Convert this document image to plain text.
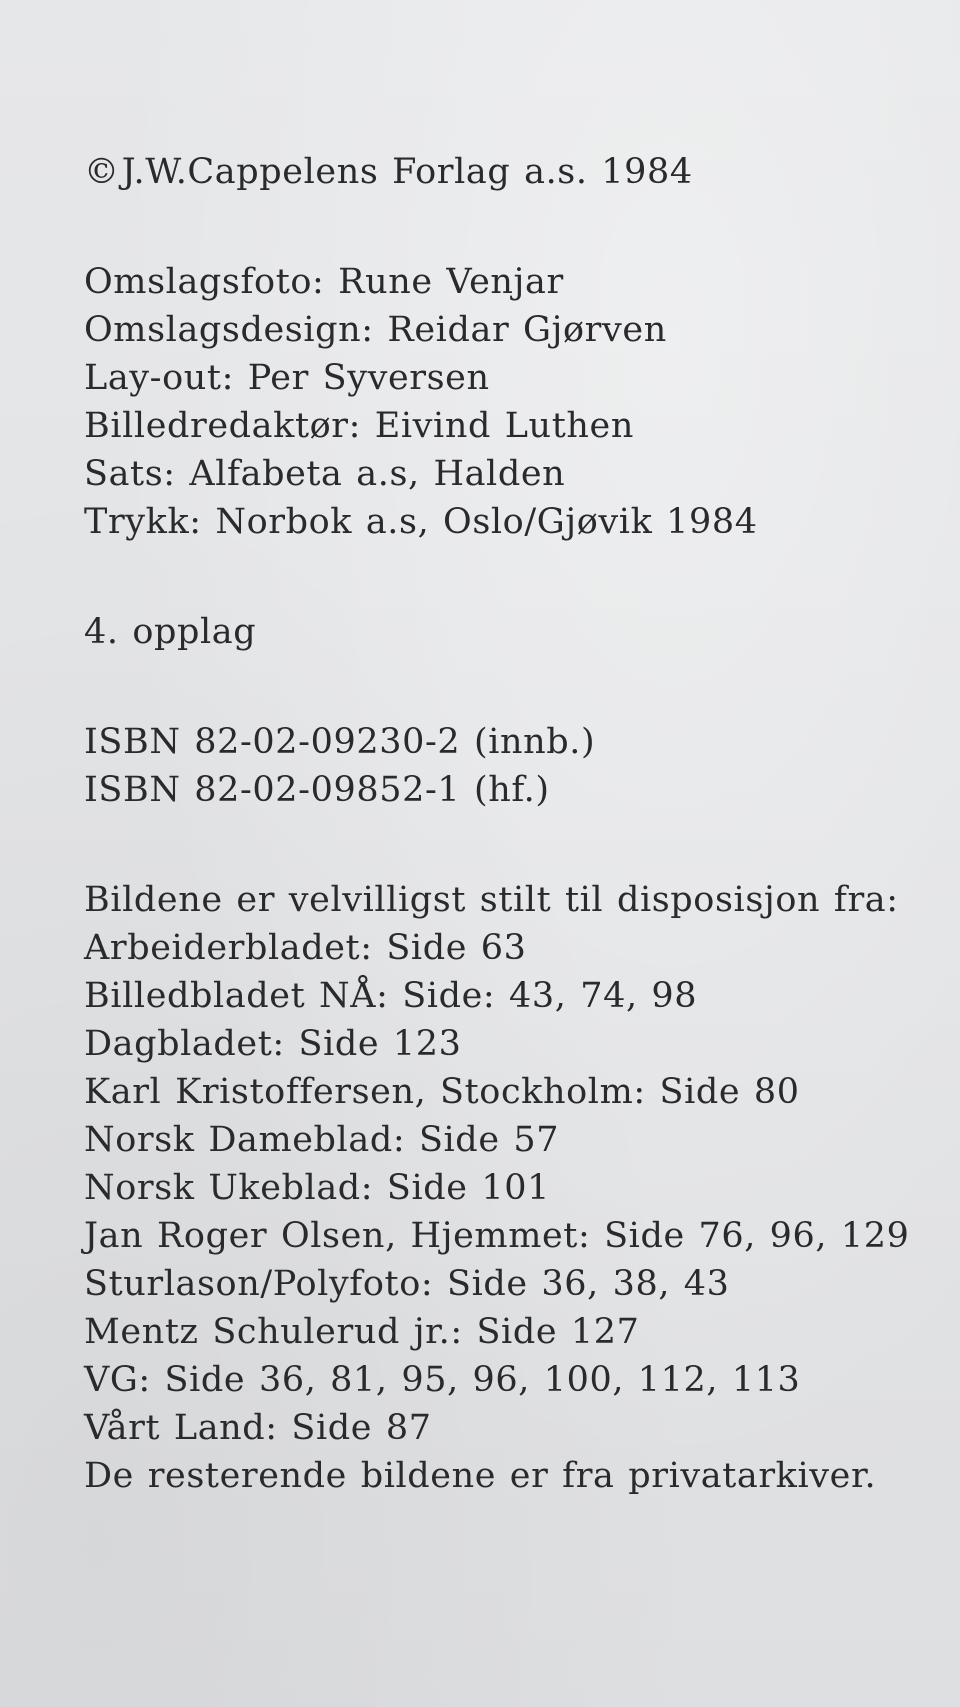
©J.W.Cappelens Forlag a.s. 1984
Omslagsfoto: Rune Venjar
Omslagsdesign: Reidar Gjørven
Lay-out: Per Syversen
Billedredaktør: Eivind Luthen
Sats: Alfabeta a.s, Halden
Trykk: Norbok a.s, Oslo/Gjøvik 1984
4. opplag
ISBN 82-02-09230-2 (innb.)
ISBN 82-02-09852-1 (hf.)
Bildene er velvilligst stilt til disposisjon fra:
Arbeiderbladet: Side 63
Billedbladet NÅ: Side: 43, 74, 98
Dagbladet: Side 123
Karl Kristoffersen, Stockholm: Side 80
Norsk Dameblad: Side 57
Norsk Ukeblad: Side 101
Jan Roger Olsen, Hjemmet: Side 76, 96, 129
Sturlason/Polyfoto: Side 36, 38, 43
Mentz Schulerud jr.: Side 127
VG: Side 36, 81, 95, 96, 100, 112, 113
Vårt Land: Side 87
De resterende bildene er fra privatarkiver.
